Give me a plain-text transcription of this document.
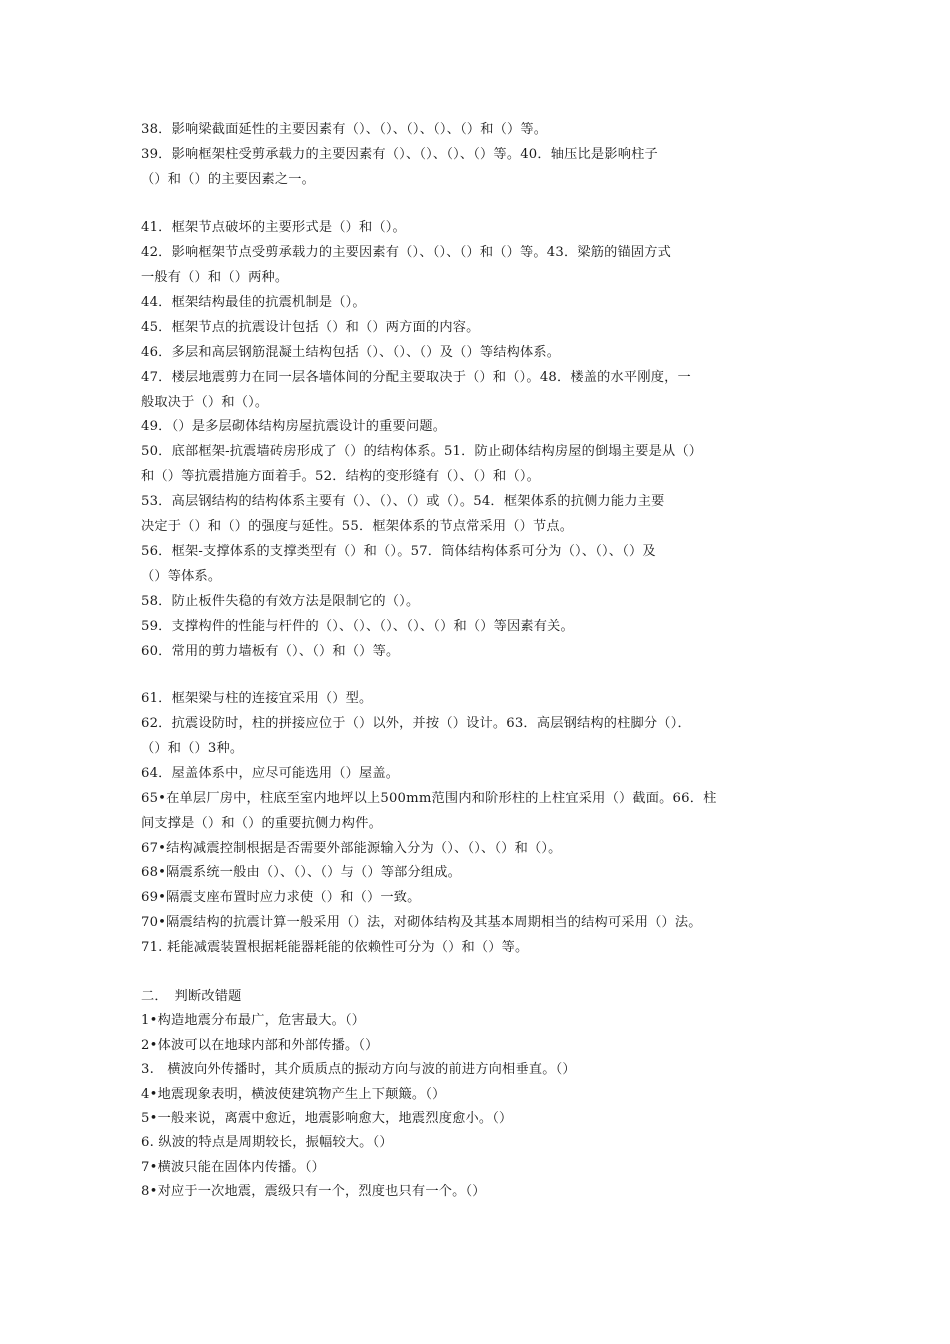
38．影响梁截面延性的主要因素有（）、（）、（）、（）、（）和（）等。
39．影响框架柱受剪承载力的主要因素有（）、（）、（）、（）等。40．轴压比是影响柱子
（）和（）的主要因素之一。
41．框架节点破坏的主要形式是（）和（）。
42．影响框架节点受剪承载力的主要因素有（）、（）、（）和（）等。43．梁筋的锚固方式
一般有（）和（）两种。
44．框架结构最佳的抗震机制是（）。
45．框架节点的抗震设计包括（）和（）两方面的内容。
46．多层和高层钢筋混凝土结构包括（）、（）、（）及（）等结构体系。
47．楼层地震剪力在同一层各墙体间的分配主要取决于（）和（）。48．楼盖的水平刚度，一
般取决于（）和（）。
49．（）是多层砌体结构房屋抗震设计的重要问题。
50．底部框架-抗震墙砖房形成了（）的结构体系。51．防止砌体结构房屋的倒塌主要是从（）
和（）等抗震措施方面着手。52．结构的变形缝有（）、（）和（）。
53．高层钢结构的结构体系主要有（）、（）、（）或（）。54．框架体系的抗侧力能力主要
决定于（）和（）的强度与延性。55．框架体系的节点常采用（）节点。
56．框架-支撑体系的支撑类型有（）和（）。57．筒体结构体系可分为（）、（）、（）及
（）等体系。
58．防止板件失稳的有效方法是限制它的（）。
59．支撑构件的性能与杆件的（）、（）、（）、（）、（）和（）等因素有关。
60．常用的剪力墙板有（）、（）和（）等。
61．框架梁与柱的连接宜采用（）型。
62．抗震设防时，柱的拼接应位于（）以外，并按（）设计。63．高层钢结构的柱脚分（）．
（）和（）3种。
64．屋盖体系中，应尽可能选用（）屋盖。
65•在单层厂房中，柱底至室内地坪以上500mm范围内和阶形柱的上柱宜采用（）截面。66．柱
间支撑是（）和（）的重要抗侧力构件。
67•结构减震控制根据是否需要外部能源输入分为（）、（）、（）和（）。
68•隔震系统一般由（）、（）、（）与（）等部分组成。
69•隔震支座布置时应力求使（）和（）一致。
70•隔震结构的抗震计算一般采用（）法，对砌体结构及其基本周期相当的结构可采用（）法。
71. 耗能减震装置根据耗能器耗能的依赖性可分为（）和（）等。
二．　判断改错题
1•构造地震分布最广，危害最大。（）
2•体波可以在地球内部和外部传播。（）
3.　横波向外传播时，其介质质点的振动方向与波的前进方向相垂直。（）
4•地震现象表明，横波使建筑物产生上下颠簸。（）
5•一般来说，离震中愈近，地震影响愈大，地震烈度愈小。（）
6. 纵波的特点是周期较长，振幅较大。（）
7•横波只能在固体内传播。（）
8•对应于一次地震，震级只有一个，烈度也只有一个。（）
